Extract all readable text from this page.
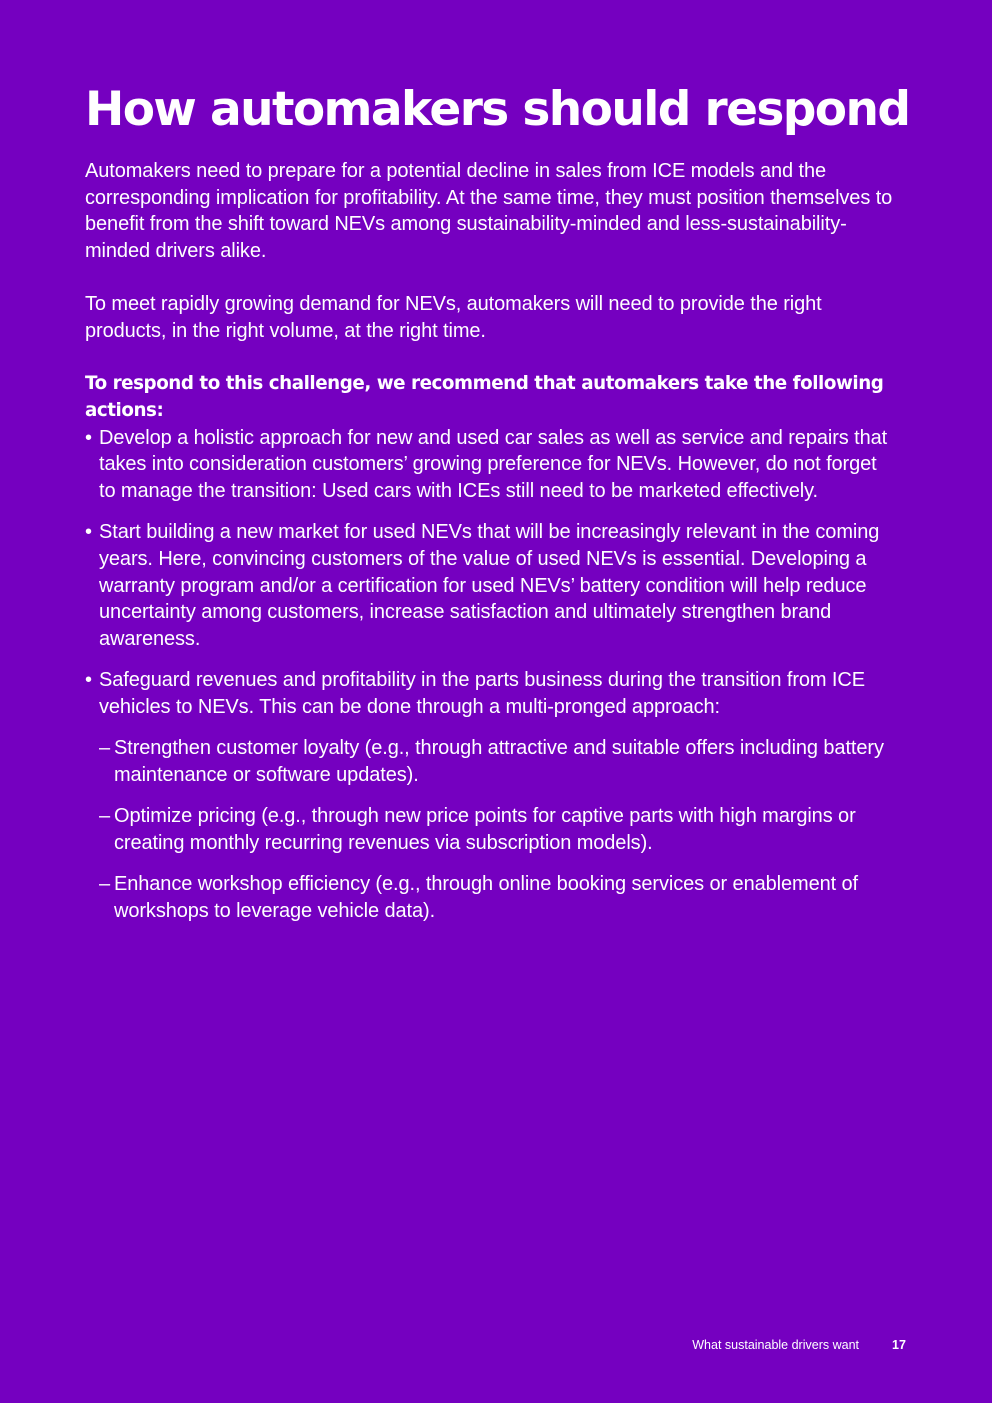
How automakers should respond

Automakers need to prepare for a potential decline in sales from ICE models and the corresponding implication for profitability. At the same time, they must position themselves to benefit from the shift toward NEVs among sustainability-minded and less-sustainability-minded drivers alike.

To meet rapidly growing demand for NEVs, automakers will need to provide the right products, in the right volume, at the right time.

To respond to this challenge, we recommend that automakers take the following actions:

• Develop a holistic approach for new and used car sales as well as service and repairs that takes into consideration customers’ growing preference for NEVs. However, do not forget to manage the transition: Used cars with ICEs still need to be marketed effectively.
• Start building a new market for used NEVs that will be increasingly relevant in the coming years. Here, convincing customers of the value of used NEVs is essential. Developing a warranty program and/or a certification for used NEVs’ battery condition will help reduce uncertainty among customers, increase satisfaction and ultimately strengthen brand awareness.
• Safeguard revenues and profitability in the parts business during the transition from ICE vehicles to NEVs. This can be done through a multi-pronged approach:
– Strengthen customer loyalty (e.g., through attractive and suitable offers including battery maintenance or software updates).
– Optimize pricing (e.g., through new price points for captive parts with high margins or creating monthly recurring revenues via subscription models).
– Enhance workshop efficiency (e.g., through online booking services or enablement of workshops to leverage vehicle data).
What sustainable drivers want	17
